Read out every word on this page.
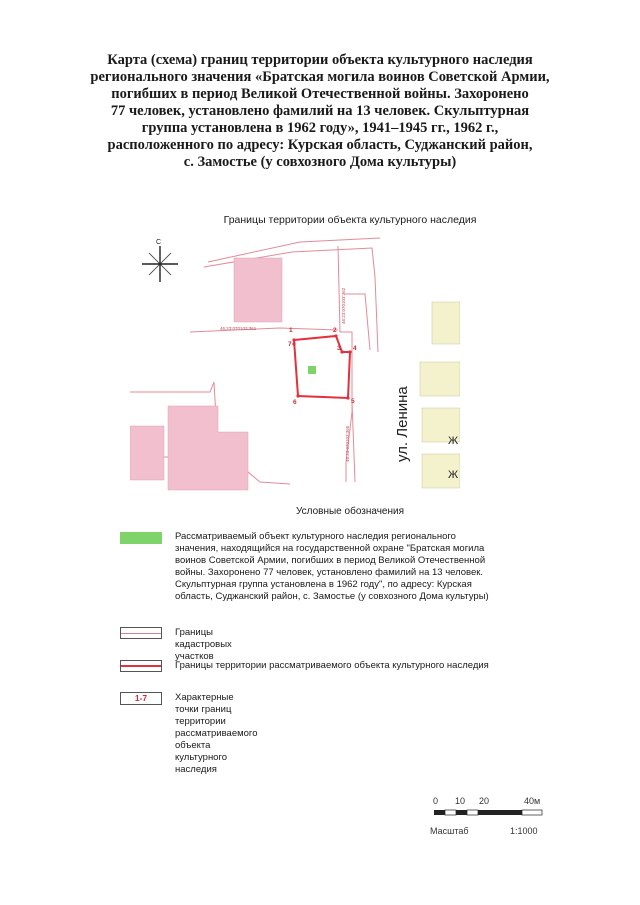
Карта (схема) границ территории объекта культурного наследия
регионального значения «Братская могила воинов Советской Армии,
погибших в период Великой Отечественной войны. Захоронено
77 человек, установлено фамилий на 13 человек. Скульптурная
группа установлена в 1962 году», 1941–1945 гг., 1962 г.,
расположенного по адресу: Курская область, Суджанский район,
с. Замостье (у совхозного Дома культуры)
Границы территории объекта культурного наследия
С
1	2
3 4
5
6
7
46:23:070103:361
46:23:070103:362
46:23:070103:365	ул. Ленина	Ж
Ж
Условные обозначения
Рассматриваемый объект культурного наследия регионального
значения, находящийся на государственной охране "Братская могила
воинов Советской Армии, погибших в период Великой Отечественной
войны. Захоронено 77 человек, установлено фамилий на 13 человек.
Скульптурная группа установлена в 1962 году", по адресу: Курская
область, Суджанский район, с. Замостье (у совхозного Дома культуры)
Границы кадастровых участков
Границы территории рассматриваемого объекта культурного наследия
1-7	Характерные точки границ территории
рассматриваемого объекта культурного наследия
0 10 20	40м
Масштаб	1:1000
